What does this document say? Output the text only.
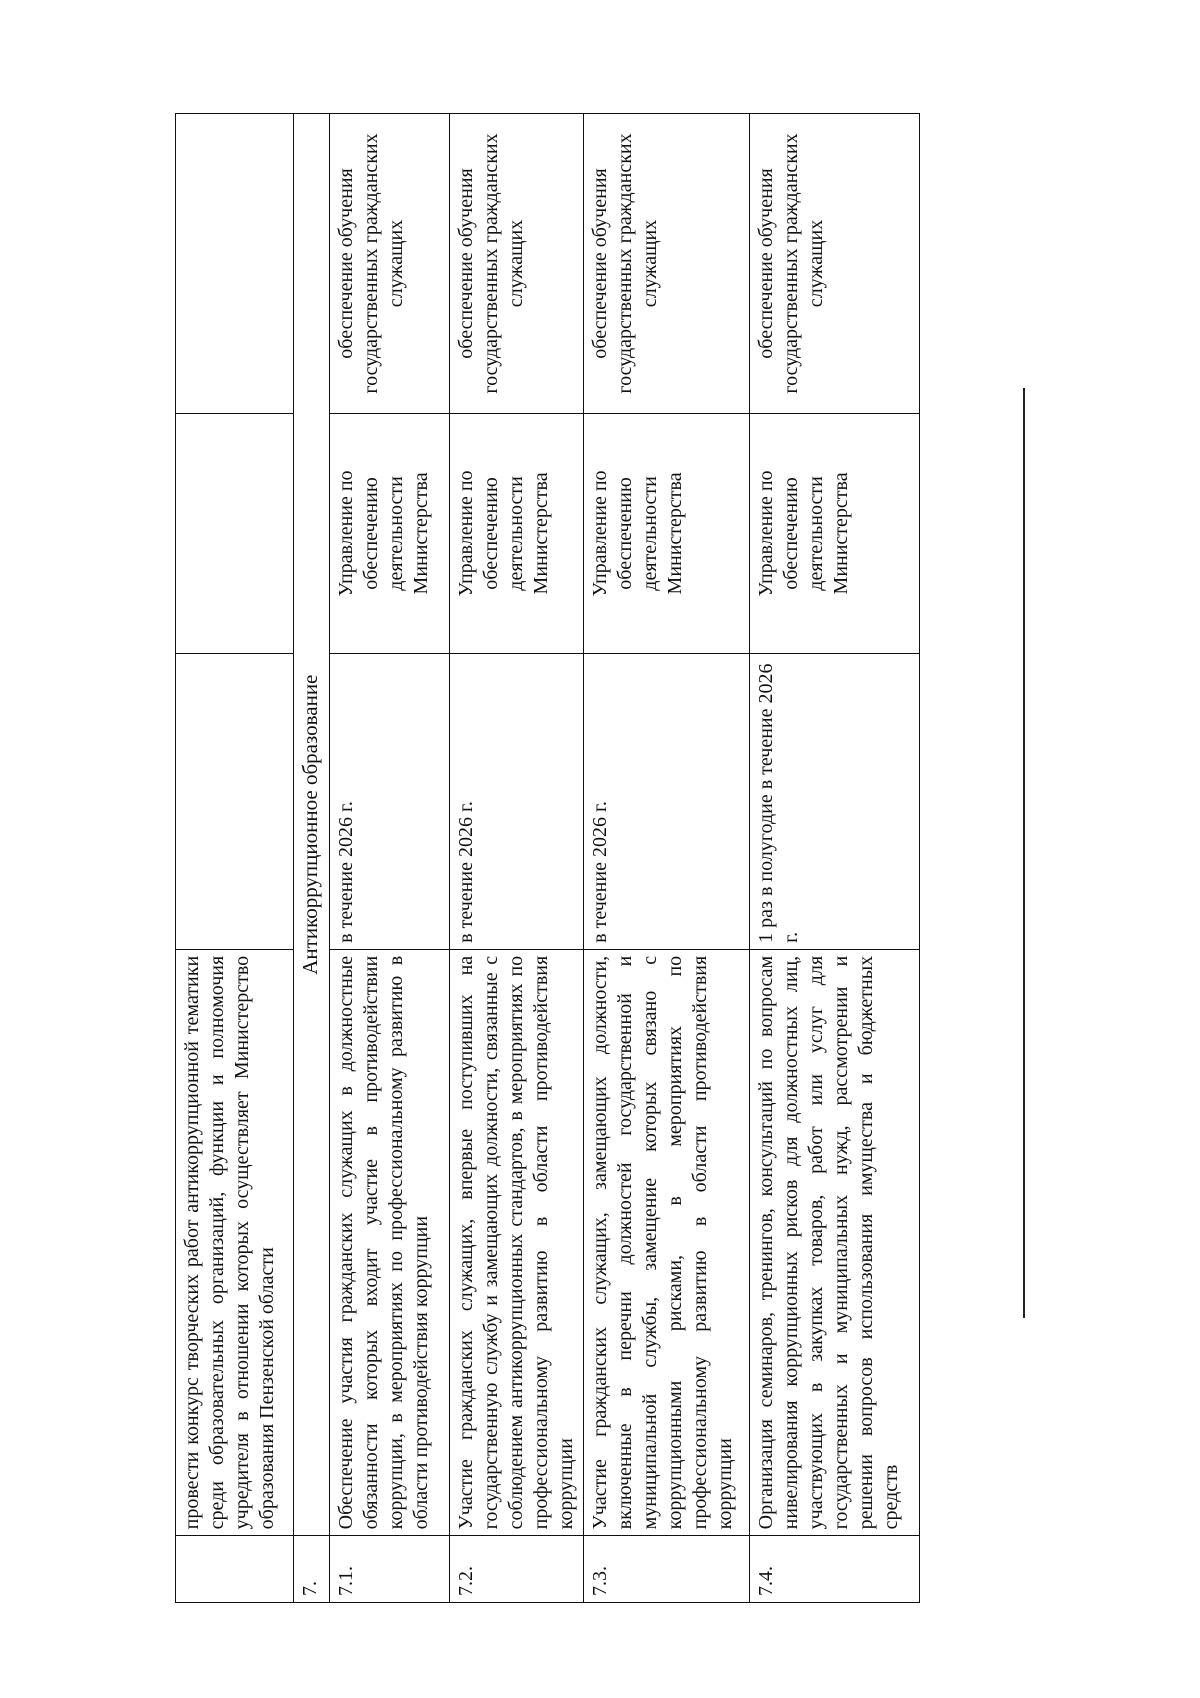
	провести конкурс творческих работ антикоррупционной тематики среди образовательных организаций, функции и полномочия учредителя в отношении которых осуществляет Министерство образования Пензенской области			
7.	Антикоррупционное образование			
7.1.	Обеспечение участия гражданских служащих в должностные обязанности которых входит участие в противодействии коррупции, в мероприятиях по профессиональному развитию в области противодействия коррупции	в течение 2026 г.	Управление по обеспечению деятельности Министерства	обеспечение обучения государственных гражданских служащих
7.2.	Участие гражданских служащих, впервые поступивших на государственную службу и замещающих должности, связанные с соблюдением антикоррупционных стандартов, в мероприятиях по профессиональному развитию в области противодействия коррупции	в течение 2026 г.	Управление по обеспечению деятельности Министерства	обеспечение обучения государственных гражданских служащих
7.3.	Участие гражданских служащих, замещающих должности, включенные в перечни должностей государственной и муниципальной службы, замещение которых связано с коррупционными рисками, в мероприятиях по профессиональному развитию в области противодействия коррупции	в течение 2026 г.	Управление по обеспечению деятельности Министерства	обеспечение обучения государственных гражданских служащих
7.4.	Организация семинаров, тренингов, консультаций по вопросам нивелирования коррупционных рисков для должностных лиц, участвующих в закупках товаров, работ или услуг для государственных и муниципальных нужд, рассмотрении и решении вопросов использования имущества и бюджетных средств	1 раз в полугодие в течение 2026 г.	Управление по обеспечению деятельности Министерства	обеспечение обучения государственных гражданских служащих
